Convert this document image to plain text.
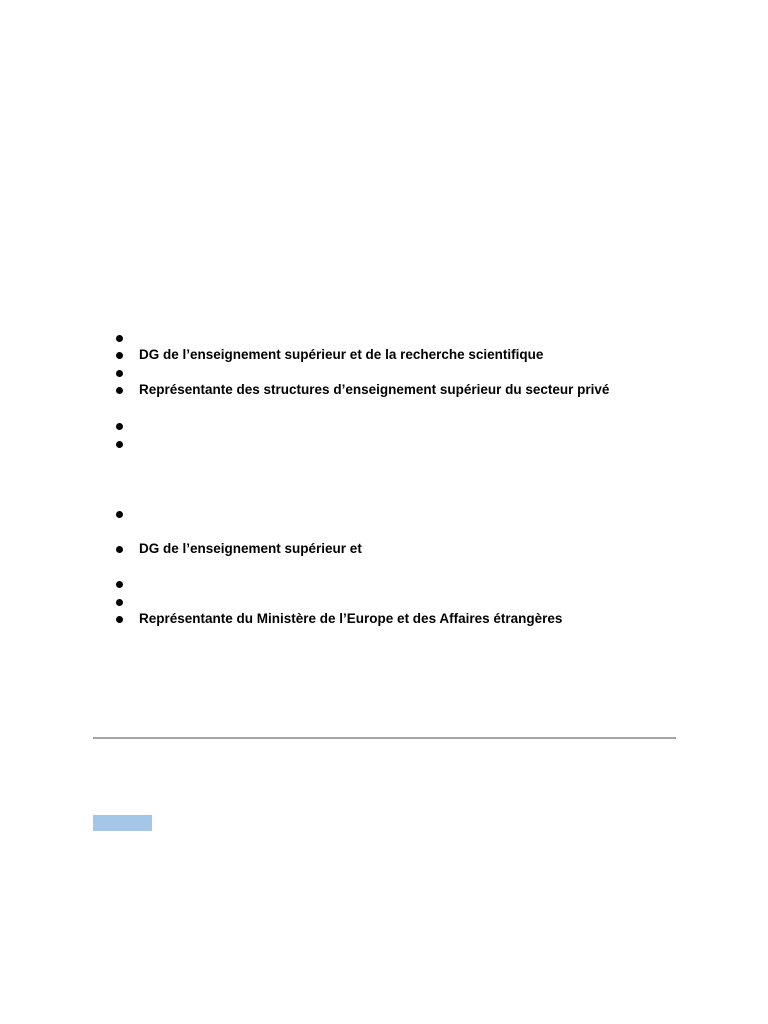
DG de l’enseignement supérieur et de la recherche scientifique
Représentante des structures d’enseignement supérieur du secteur privé
DG de l’enseignement supérieur et
Représentante du Ministère de l’Europe et des Affaires étrangères
